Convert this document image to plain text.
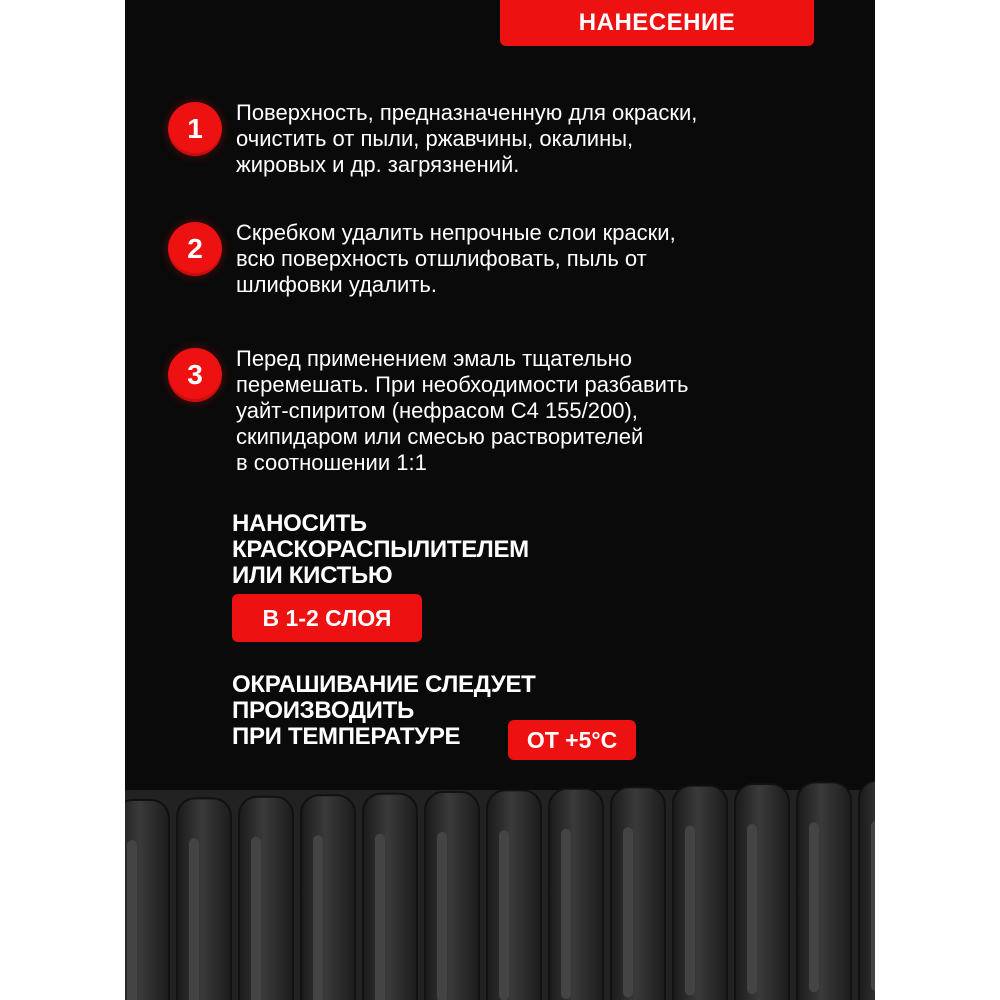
НАНЕСЕНИЕ
1
Поверхность, предназначенную для окраски,
очистить от пыли, ржавчины, окалины,
жировых и др. загрязнений.
2
Скребком удалить непрочные слои краски,
всю поверхность отшлифовать, пыль от
шлифовки удалить.
3
Перед применением эмаль тщательно
перемешать. При необходимости разбавить
уайт-спиритом (нефрасом С4 155/200),
скипидаром или смесью растворителей
в соотношении 1:1
НАНОСИТЬ
КРАСКОРАСПЫЛИТЕЛЕМ
ИЛИ КИСТЬЮ
В 1-2 СЛОЯ
ОКРАШИВАНИЕ СЛЕДУЕТ
ПРОИЗВОДИТЬ
ПРИ ТЕМПЕРАТУРЕ	ОТ +5°С
